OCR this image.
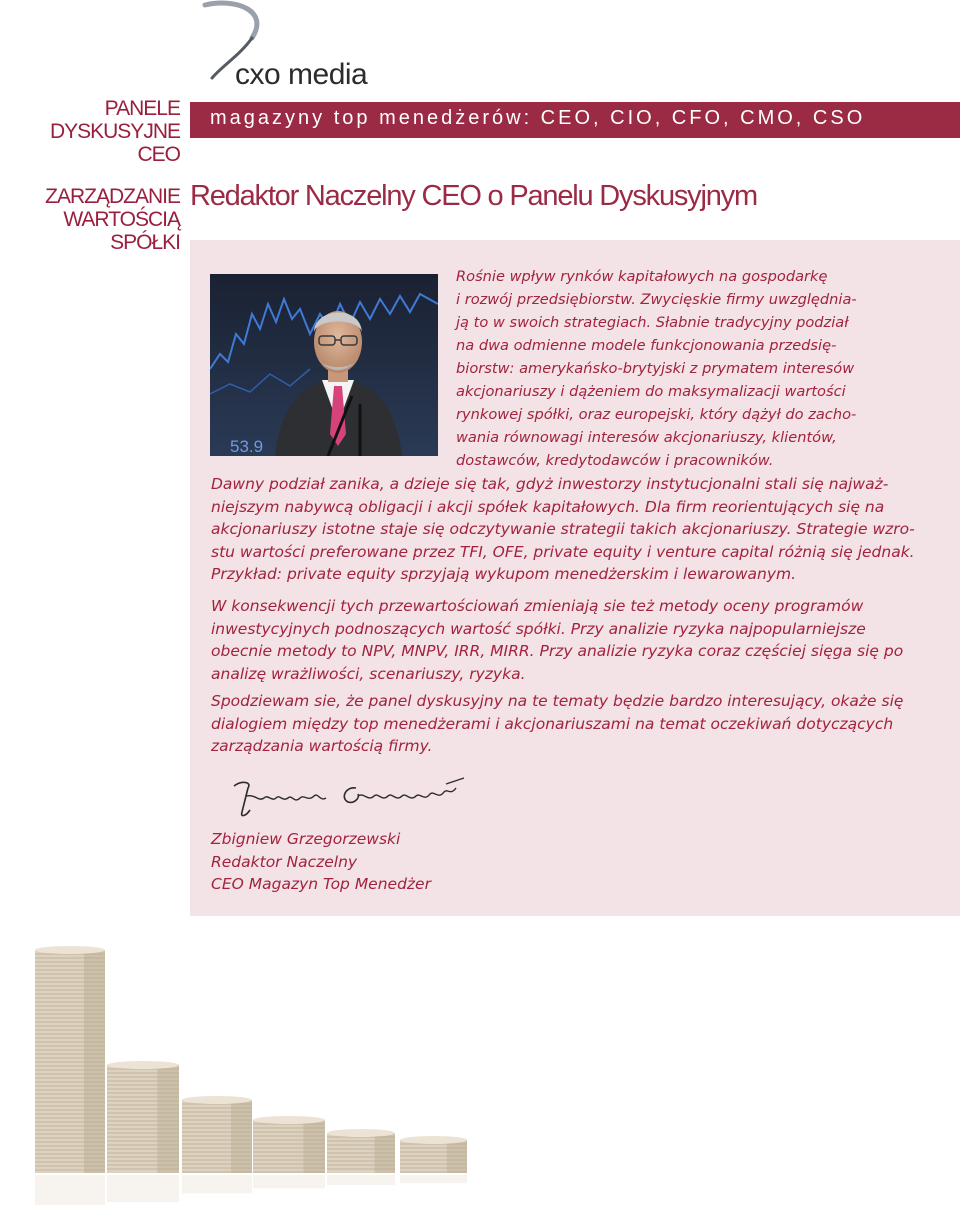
cxo media
PANELE DYSKUSYJNE
CEO
ZARZĄDZANIE
WARTOŚCIĄ SPÓŁKI
magazyny top menedżerów: CEO, CIO, CFO, CMO, CSO
Redaktor Naczelny CEO o Panelu Dyskusyjnym
53.9
Rośnie wpływ rynków kapitałowych na gospodarkę
i rozwój przedsiębiorstw. Zwycięskie firmy uwzględnia-
ją to w swoich strategiach. Słabnie tradycyjny podział
na dwa odmienne modele funkcjonowania przedsię-
biorstw: amerykańsko-brytyjski z prymatem interesów
akcjonariuszy i dążeniem do maksymalizacji wartości
rynkowej spółki, oraz europejski, który dążył do zacho-
wania równowagi interesów akcjonariuszy, klientów,
dostawców, kredytodawców i pracowników.
Dawny podział zanika, a dzieje się tak, gdyż inwestorzy instytucjonalni stali się najważ-
niejszym nabywcą obligacji i akcji spółek kapitałowych. Dla firm reorientujących się na
akcjonariuszy istotne staje się odczytywanie strategii takich akcjonariuszy. Strategie wzro-
stu wartości preferowane przez TFI, OFE, private equity i venture capital różnią się jednak.
Przykład: private equity sprzyjają wykupom menedżerskim i lewarowanym.
W konsekwencji tych przewartościowań zmieniają sie też metody oceny programów
inwestycyjnych podnoszących wartość spółki. Przy analizie ryzyka najpopularniejsze
obecnie metody to NPV, MNPV, IRR, MIRR. Przy analizie ryzyka coraz częściej sięga się po
analizę wrażliwości, scenariuszy, ryzyka.
Spodziewam sie, że panel dyskusyjny na te tematy będzie bardzo interesujący, okaże się
dialogiem między top menedżerami i akcjonariuszami na temat oczekiwań dotyczących
zarządzania wartością firmy.
Zbigniew Grzegorzewski
Redaktor Naczelny
CEO Magazyn Top Menedżer
